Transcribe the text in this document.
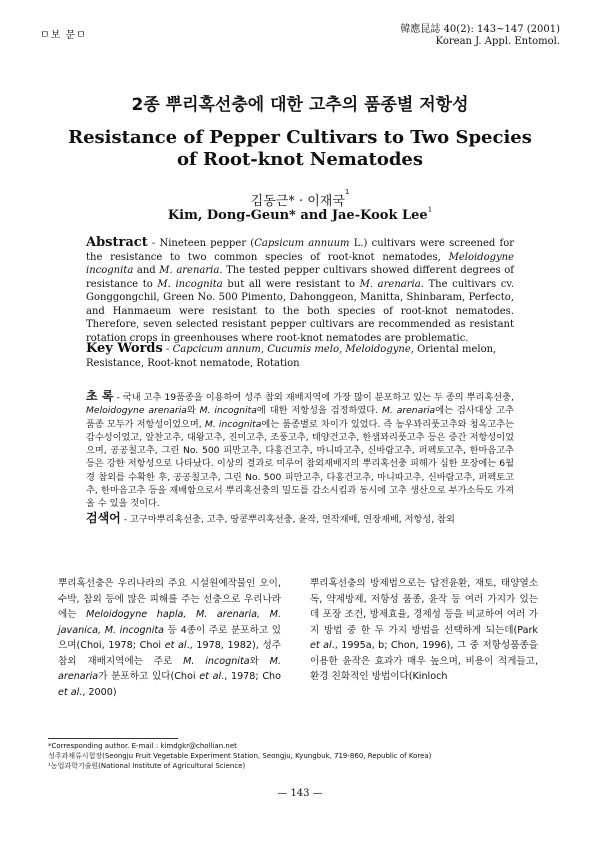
ㅁ보 문ㅁ
韓應昆誌 40(2): 143~147 (2001)
Korean J. Appl. Entomol.
2종 뿌리혹선충에 대한 고추의 품종별 저항성
Resistance of Pepper Cultivars to Two Species
of Root-knot Nematodes
김동근* · 이재국$^1$
Kim, Dong-Geun* and Jae-Kook Lee$^1$
Abstract - Nineteen pepper (Capsicum annuum L.) cultivars were screened for the resistance to two common species of root-knot nematodes, Meloidogyne incognita and M. arenaria. The tested pepper cultivars showed different degrees of resistance to M. incognita but all were resistant to M. arenaria. The cultivars cv. Gonggongchil, Green No. 500 Pimento, Dahonggeon, Manitta, Shinbaram, Perfecto, and Hanmaeum were resistant to the both species of root-knot nematodes. Therefore, seven selected resistant pepper cultivars are recommended as resistant rotation crops in greenhouses where root-knot nematodes are problematic.
Key Words - Capcicum annum, Cucumis melo, Meloidogyne, Oriental melon, Resistance, Root-knot nematode, Rotation
초 록 - 국내 고추 19품종을 이용하여 성주 참외 재배지역에 가장 많이 분포하고 있는 두 종의 뿌리혹선충, Meloidogyne arenaria와 M. incognita에 대한 저항성을 검정하였다. M. arenaria에는 검사대상 고추 품종 모두가 저항성이었으며, M. incognita에는 품종별로 차이가 있었다. 즉 농우꽈리풋고추와 청옥고추는 감수성이었고, 알찬고추, 대왕고추, 진미고추, 조풍고추, 태양건고추, 한샘꽈리풋고추 등은 중간 저항성이었으며, 공공칠고추, 그린 No. 500 피만고추, 다홍건고추, 마니따고추, 신바람고추, 퍼펙토고추, 한마음고추 등은 강한 저항성으로 나타났다. 이상의 결과로 미루어 참외재배지의 뿌리혹선충 피해가 심한 포장에는 6월경 참외를 수확한 후, 공공칠고추, 그린 No. 500 피만고추, 다홍건고추, 마니따고추, 신바람고추, 퍼펙토고추, 한마음고추 등을 재배함으로서 뿌리혹선충의 밀도를 감소시킴과 동시에 고추 생산으로 부가소득도 가져올 수 있을 것이다.
검색어 - 고구마뿌리혹선충, 고추, 땅콩뿌리혹선충, 윤작, 연작재배, 연장재배, 저항성, 참외
뿌리혹선충은 우리나라의 주요 시설원예작물인 오이, 수박, 참외 등에 많은 피해를 주는 선충으로 우리나라에는 Meloidogyne hapla, M. arenaria, M. javanica, M. incognita 등 4종이 주로 분포하고 있으며(Choi, 1978; Choi et al., 1978, 1982), 성주 참외 재배지역에는 주로 M. incognita와 M. arenaria가 분포하고 있다(Choi et al., 1978; Cho et al., 2000)
뿌리혹선충의 방제법으로는 답전윤환, 재토, 태양열소독, 약제방제, 저항성 품종, 윤작 등 여러 가지가 있는데 포장 조건, 방제효율, 경제성 등을 비교하여 여러 가지 방법 중 한 두 가지 방법을 선택하게 되는데(Park et al., 1995a, b; Chon, 1996), 그 중 저항성품종을 이용한 윤작은 효과가 매우 높으며, 비용이 적게들고, 환경 친화적인 방법이다(Kinloch
*Corresponding author. E-mail : kimdgkr@chollian.net
성주과채류시험장(Seongju Fruit Vegetable Experiment Station, Seongju, Kyungbuk, 719-860, Republic of Korea)
¹농업과학기술원(National Institute of Agricultural Science)
— 143 —
